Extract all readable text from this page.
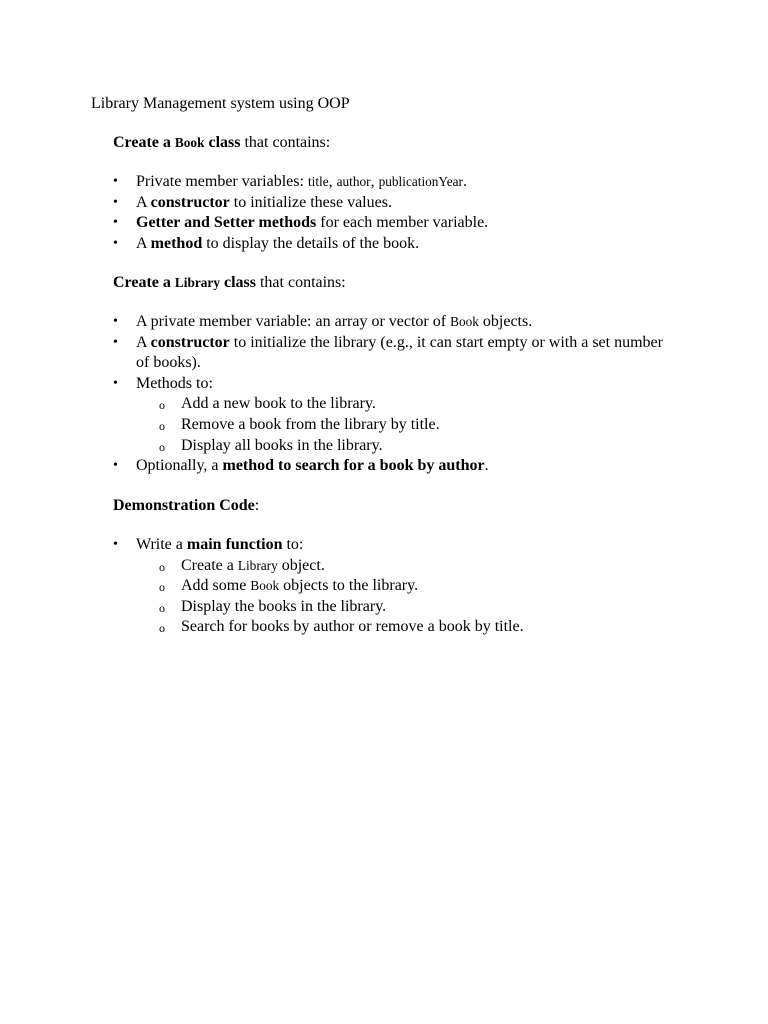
Library Management system using OOP

Create a Book class that contains:

• Private member variables: title, author, publicationYear.
• A constructor to initialize these values.
• Getter and Setter methods for each member variable.
• A method to display the details of the book.

Create a Library class that contains:

• A private member variable: an array or vector of Book objects.
• A constructor to initialize the library (e.g., it can start empty or with a set number of books).
• Methods to:
o Add a new book to the library.
o Remove a book from the library by title.
o Display all books in the library.
• Optionally, a method to search for a book by author.

Demonstration Code:

• Write a main function to:
o Create a Library object.
o Add some Book objects to the library.
o Display the books in the library.
o Search for books by author or remove a book by title.
